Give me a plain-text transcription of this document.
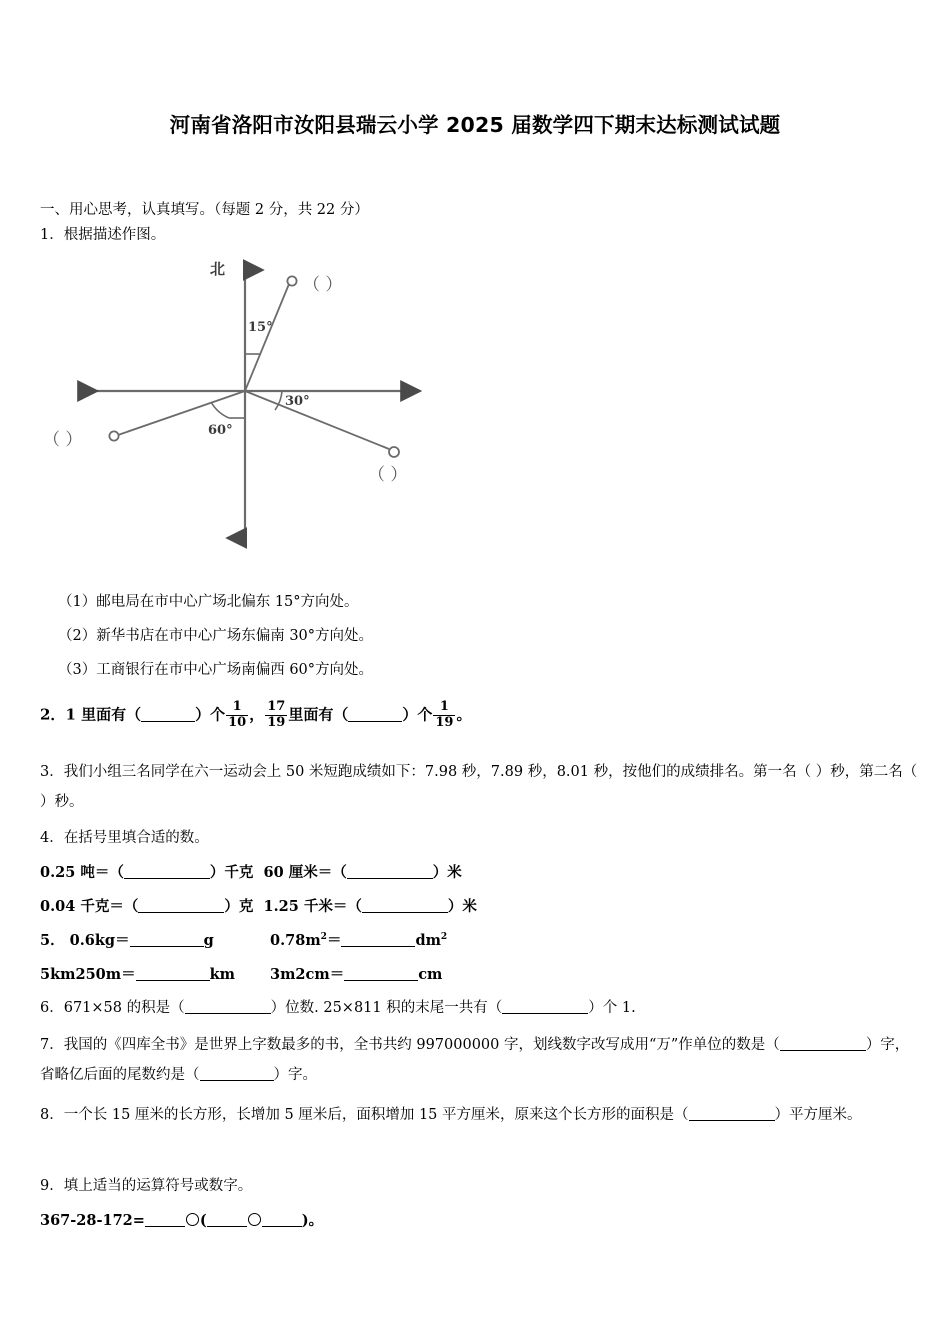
河南省洛阳市汝阳县瑞云小学 2025 届数学四下期末达标测试试题
一、用心思考，认真填写。（每题 2 分，共 22 分）
1．根据描述作图。
北
15°
30°
60°
（ ）
（ ）
（ ）
（1）邮电局在市中心广场北偏东 15°方向处。
（2）新华书店在市中心广场东偏南 30°方向处。
（3）工商银行在市中心广场南偏西 60°方向处。
2．1 里面有（	）个 $\frac{1}{10}$ ， $\frac{17}{19}$ 里面有（	）个 $\frac{1}{19}$ 。
3．我们小组三名同学在六一运动会上 50 米短跑成绩如下：7.98 秒，7.89 秒，8.01 秒，按他们的成绩排名。第一名（ ）秒，第二名（ ）秒。
4．在括号里填合适的数。
0.25 吨＝（	）千克 60 厘米＝（	）米
0.04 千克＝（	）克 1.25 千米＝（	）米
5． 0.6kg＝	g	$0.78m^2=$	$dm^2$
5km250m＝	km 3m2cm＝	cm
6．671×58 的积是（	）位数. 25×811 积的末尾一共有（	）个 1.
7．我国的《四库全书》是世界上字数最多的书，全书共约 997000000 字，划线数字改写成用“万”作单位的数是（	）字，省略亿后面的尾数约是（	）字。
8．一个长 15 厘米的长方形，长增加 5 厘米后，面积增加 15 平方厘米，原来这个长方形的面积是（	）平方厘米。
9．填上适当的运算符号或数字。
367-28-172=	(	)。
